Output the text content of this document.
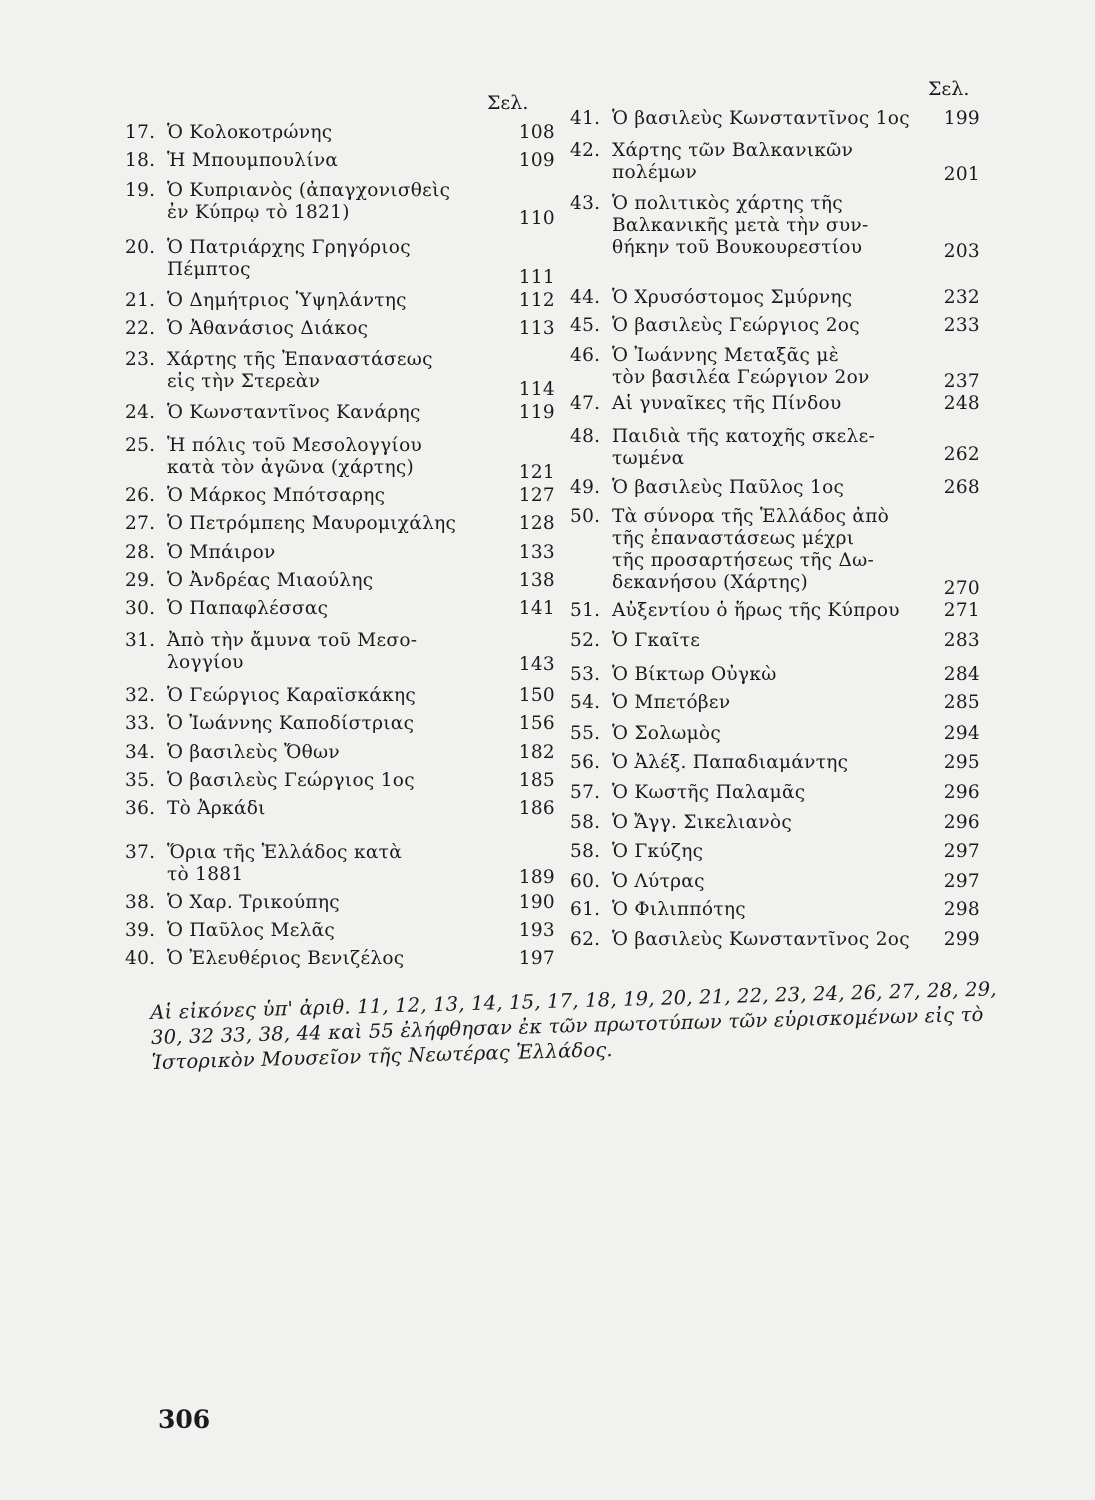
Σελ.
17. Ὁ Κολοκοτρώνης	108
18. Ἡ Μπουμπουλίνα	109
19. Ὁ Κυπριανὸς (ἀπαγχονισθεὶς
ἐν Κύπρῳ τὸ 1821)	110
20. Ὁ Πατριάρχης Γρηγόριος
Πέμπτος	111
21. Ὁ Δημήτριος Ὑψηλάντης	112
22. Ὁ Ἀθανάσιος Διάκος	113
23. Χάρτης τῆς Ἐπαναστάσεως
εἰς τὴν Στερεὰν	114
24. Ὁ Κωνσταντῖνος Κανάρης	119
25. Ἡ πόλις τοῦ Μεσολογγίου
κατὰ τὸν ἀγῶνα (χάρτης)	121
26. Ὁ Μάρκος Μπότσαρης	127
27. Ὁ Πετρόμπεης Μαυρομιχάλης	128
28. Ὁ Μπάιρον	133
29. Ὁ Ἀνδρέας Μιαούλης	138
30. Ὁ Παπαφλέσσας	141
31. Ἀπὸ τὴν ἄμυνα τοῦ Μεσο-
λογγίου	143
32. Ὁ Γεώργιος Καραϊσκάκης	150
33. Ὁ Ἰωάννης Καποδίστριας	156
34. Ὁ βασιλεὺς Ὄθων	182
35. Ὁ βασιλεὺς Γεώργιος 1ος	185
36. Τὸ Ἀρκάδι	186
37. Ὅρια τῆς Ἑλλάδος κατὰ
τὸ 1881	189
38. Ὁ Χαρ. Τρικούπης	190
39. Ὁ Παῦλος Μελᾶς	193
40. Ὁ Ἐλευθέριος Βενιζέλος	197
Σελ.
41. Ὁ βασιλεὺς Κωνσταντῖνος 1ος	199
42. Χάρτης τῶν Βαλκανικῶν
πολέμων	201
43. Ὁ πολιτικὸς χάρτης τῆς
Βαλκανικῆς μετὰ τὴν συν-
θήκην τοῦ Βουκουρεστίου	203
44. Ὁ Χρυσόστομος Σμύρνης	232
45. Ὁ βασιλεὺς Γεώργιος 2ος	233
46. Ὁ Ἰωάννης Μεταξᾶς μὲ
τὸν βασιλέα Γεώργιον 2ον	237
47. Αἱ γυναῖκες τῆς Πίνδου	248
48. Παιδιὰ τῆς κατοχῆς σκελε-
τωμένα	262
49. Ὁ βασιλεὺς Παῦλος 1ος	268
50. Τὰ σύνορα τῆς Ἑλλάδος ἀπὸ
τῆς ἐπαναστάσεως μέχρι
τῆς προσαρτήσεως τῆς Δω-
δεκανήσου (Χάρτης)	270
51. Αὐξεντίου ὁ ἥρως τῆς Κύπρου	271
52. Ὁ Γκαῖτε	283
53. Ὁ Βίκτωρ Οὐγκὼ	284
54. Ὁ Μπετόβεν	285
55. Ὁ Σολωμὸς	294
56. Ὁ Ἀλέξ. Παπαδιαμάντης	295
57. Ὁ Κωστῆς Παλαμᾶς	296
58. Ὁ Ἄγγ. Σικελιανὸς	296
58. Ὁ Γκύζης	297
60. Ὁ Λύτρας	297
61. Ὁ Φιλιππότης	298
62. Ὁ βασιλεὺς Κωνσταντῖνος 2ος	299
Αἱ εἰκόνες ὑπ' ἀριθ. 11, 12, 13, 14, 15, 17, 18, 19, 20, 21, 22, 23, 24, 26, 27, 28, 29, 30, 32 33, 38, 44 καὶ 55 ἐλήφθησαν ἐκ τῶν πρωτοτύπων τῶν εὑρισκομένων εἰς τὸ Ἱστορικὸν Μουσεῖον τῆς Νεωτέρας Ἑλλάδος.
306
